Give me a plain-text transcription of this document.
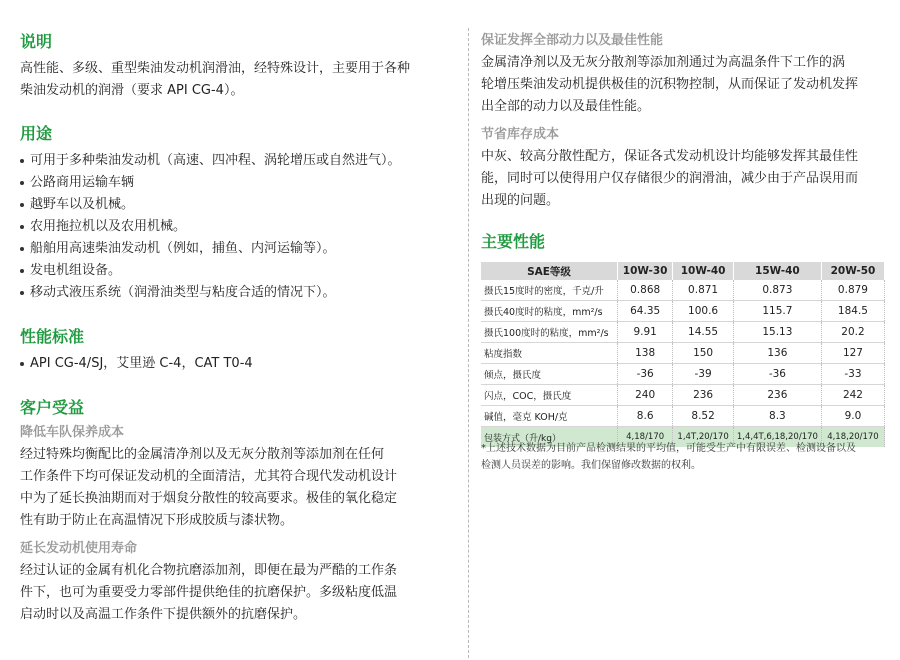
说明

高性能、多级、重型柴油发动机润滑油，经特殊设计，主要用于各种

柴油发动机的润滑（要求 API CG-4）。

用途
可用于多种柴油发动机（高速、四冲程、涡轮增压或自然进气）。
公路商用运输车辆
越野车以及机械。
农用拖拉机以及农用机械。
船舶用高速柴油发动机（例如，捕鱼、内河运输等）。
发电机组设备。
移动式液压系统（润滑油类型与粘度合适的情况下）。
性能标准
API CG-4/SJ，艾里逊 C-4，CAT T0-4
客户受益
降低车队保养成本

经过特殊均衡配比的金属清净剂以及无灰分散剂等添加剂在任何

工作条件下均可保证发动机的全面清洁，尤其符合现代发动机设计

中为了延长换油期而对于烟炱分散性的较高要求。极佳的氧化稳定

性有助于防止在高温情况下形成胶质与漆状物。

延长发动机使用寿命

经过认证的金属有机化合物抗磨添加剂，即便在最为严酷的工作条

件下，也可为重要受力零部件提供绝佳的抗磨保护。多级粘度低温

启动时以及高温工作条件下提供额外的抗磨保护。

保证发挥全部动力以及最佳性能

金属清净剂以及无灰分散剂等添加剂通过为高温条件下工作的涡

轮增压柴油发动机提供极佳的沉积物控制，从而保证了发动机发挥

出全部的动力以及最佳性能。

节省库存成本

中灰、较高分散性配方，保证各式发动机设计均能够发挥其最佳性

能，同时可以使得用户仅存储很少的润滑油，减少由于产品误用而

出现的问题。

主要性能
SAE等级	10W-30	10W-40	15W-40	20W-50
摄氏15度时的密度，千克/升	0.868	0.871	0.873	0.879
摄氏40度时的粘度，mm²/s	64.35	100.6	115.7	184.5
摄氏100度时的粘度，mm²/s	9.91	14.55	15.13	20.2
粘度指数	138	150	136	127
倾点，摄氏度	-36	-39	-36	-33
闪点，COC，摄氏度	240	236	236	242
碱值，毫克 KOH/克	8.6	8.52	8.3	9.0
包装方式（升/kg）	4,18/170	1,4T,20/170	1,4,4T,6,18,20/170	4,18,20/170
*上述技术数据为目前产品检测结果的平均值，可能受生产中有限误差、检测设备以及
检测人员误差的影响。我们保留修改数据的权利。
